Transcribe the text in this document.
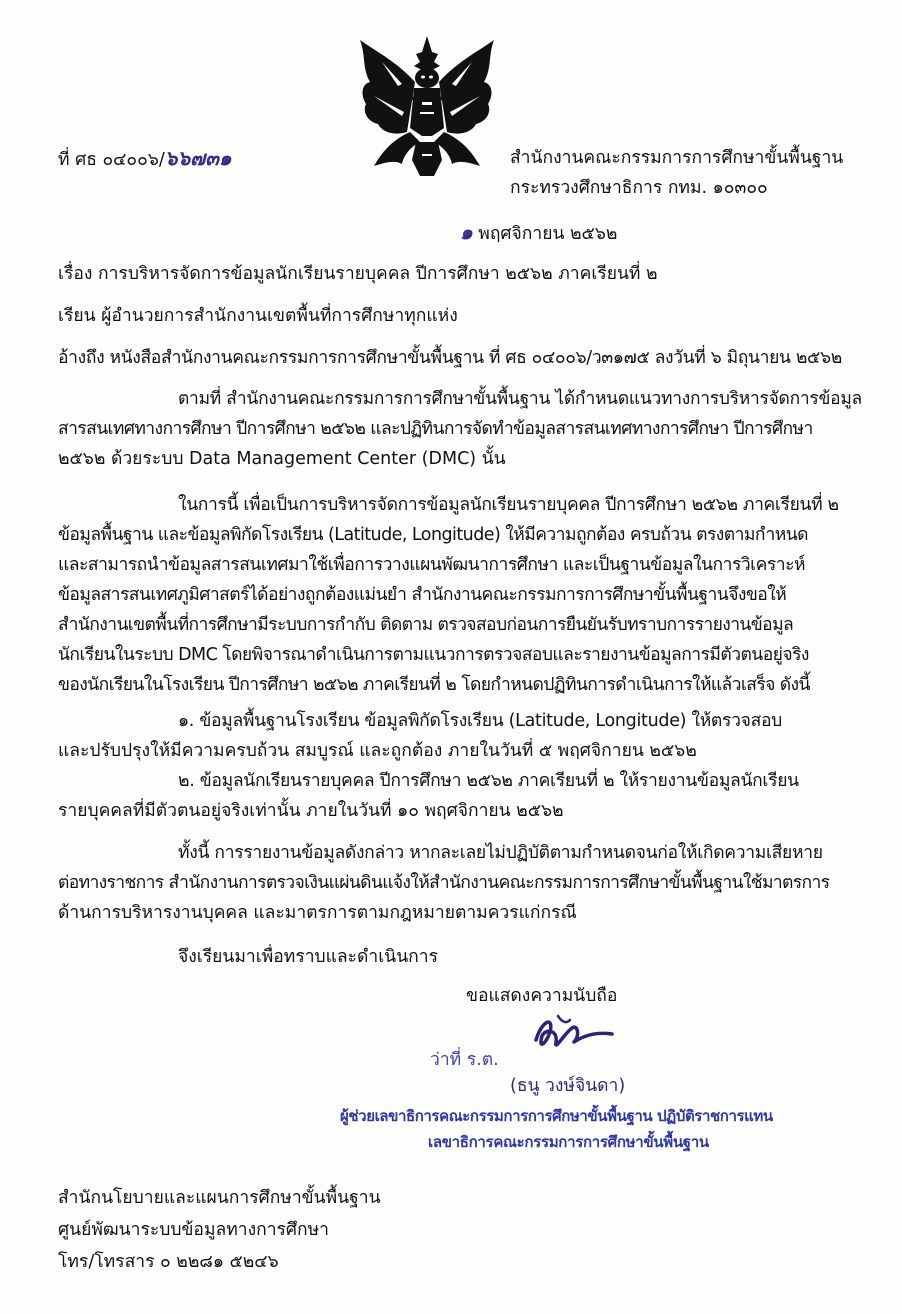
ที่ ศธ ๐๔๐๐๖/๖๖๗๓๑	สำนักงานคณะกรรมการการศึกษาขั้นพื้นฐาน
กระทรวงศึกษาธิการ กทม. ๑๐๓๐๐
๑ พฤศจิกายน ๒๕๖๒
เรื่อง การบริหารจัดการข้อมูลนักเรียนรายบุคคล ปีการศึกษา ๒๕๖๒ ภาคเรียนที่ ๒
เรียน ผู้อำนวยการสำนักงานเขตพื้นที่การศึกษาทุกแห่ง
อ้างถึง หนังสือสำนักงานคณะกรรมการการศึกษาขั้นพื้นฐาน ที่ ศธ ๐๔๐๐๖/ว๓๑๗๕ ลงวันที่ ๖ มิถุนายน ๒๕๖๒
ตามที่ สำนักงานคณะกรรมการการศึกษาขั้นพื้นฐาน ได้กำหนดแนวทางการบริหารจัดการข้อมูล
สารสนเทศทางการศึกษา ปีการศึกษา ๒๕๖๒ และปฏิทินการจัดทำข้อมูลสารสนเทศทางการศึกษา ปีการศึกษา
๒๕๖๒ ด้วยระบบ Data Management Center (DMC) นั้น
ในการนี้ เพื่อเป็นการบริหารจัดการข้อมูลนักเรียนรายบุคคล ปีการศึกษา ๒๕๖๒ ภาคเรียนที่ ๒
ข้อมูลพื้นฐาน และข้อมูลพิกัดโรงเรียน (Latitude, Longitude) ให้มีความถูกต้อง ครบถ้วน ตรงตามกำหนด
และสามารถนำข้อมูลสารสนเทศมาใช้เพื่อการวางแผนพัฒนาการศึกษา และเป็นฐานข้อมูลในการวิเคราะห์
ข้อมูลสารสนเทศภูมิศาสตร์ได้อย่างถูกต้องแม่นยำ สำนักงานคณะกรรมการการศึกษาขั้นพื้นฐานจึงขอให้
สำนักงานเขตพื้นที่การศึกษามีระบบการกำกับ ติดตาม ตรวจสอบก่อนการยืนยันรับทราบการรายงานข้อมูล
นักเรียนในระบบ DMC โดยพิจารณาดำเนินการตามแนวการตรวจสอบและรายงานข้อมูลการมีตัวตนอยู่จริง
ของนักเรียนในโรงเรียน ปีการศึกษา ๒๕๖๒ ภาคเรียนที่ ๒ โดยกำหนดปฏิทินการดำเนินการให้แล้วเสร็จ ดังนี้
๑. ข้อมูลพื้นฐานโรงเรียน ข้อมูลพิกัดโรงเรียน (Latitude, Longitude) ให้ตรวจสอบ
และปรับปรุงให้มีความครบถ้วน สมบูรณ์ และถูกต้อง ภายในวันที่ ๕ พฤศจิกายน ๒๕๖๒
๒. ข้อมูลนักเรียนรายบุคคล ปีการศึกษา ๒๕๖๒ ภาคเรียนที่ ๒ ให้รายงานข้อมูลนักเรียน
รายบุคคลที่มีตัวตนอยู่จริงเท่านั้น ภายในวันที่ ๑๐ พฤศจิกายน ๒๕๖๒
ทั้งนี้ การรายงานข้อมูลดังกล่าว หากละเลยไม่ปฏิบัติตามกำหนดจนก่อให้เกิดความเสียหาย
ต่อทางราชการ สำนักงานการตรวจเงินแผ่นดินแจ้งให้สำนักงานคณะกรรมการการศึกษาขั้นพื้นฐานใช้มาตรการ
ด้านการบริหารงานบุคคล และมาตรการตามกฎหมายตามควรแก่กรณี
จึงเรียนมาเพื่อทราบและดำเนินการ
ขอแสดงความนับถือ
ว่าที่ ร.ต.
(ธนู วงษ์จินดา)
ผู้ช่วยเลขาธิการคณะกรรมการการศึกษาขั้นพื้นฐาน ปฏิบัติราชการแทน
เลขาธิการคณะกรรมการการศึกษาขั้นพื้นฐาน
สำนักนโยบายและแผนการศึกษาขั้นพื้นฐาน
ศูนย์พัฒนาระบบข้อมูลทางการศึกษา
โทร/โทรสาร ๐ ๒๒๘๑ ๕๒๔๖
